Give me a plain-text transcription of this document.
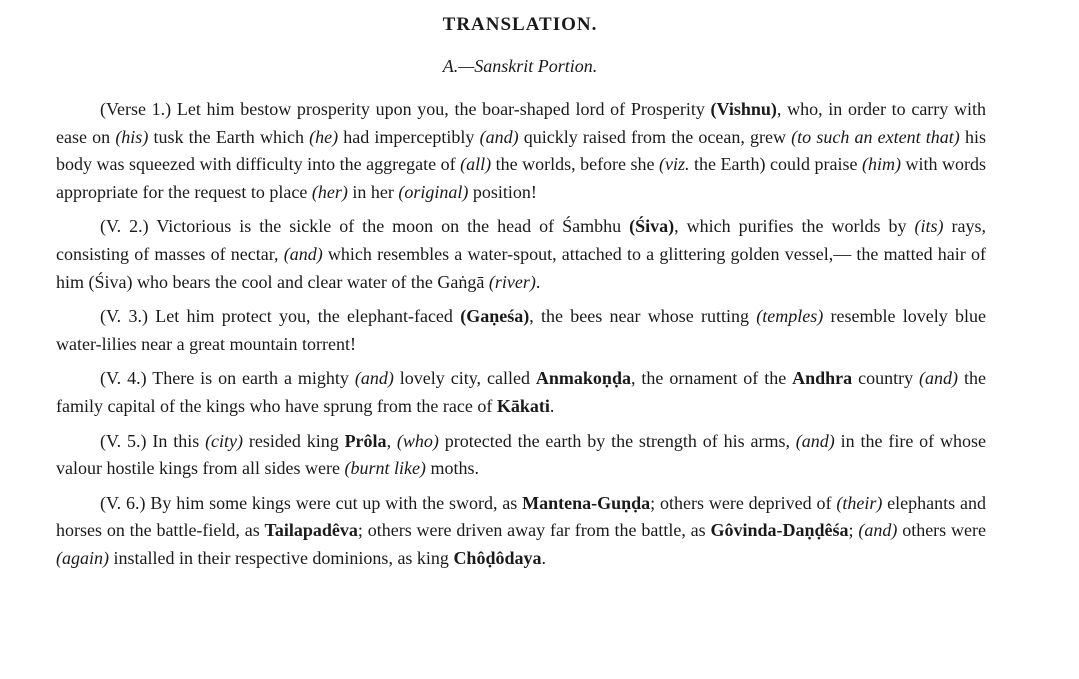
TRANSLATION.
A.—Sanskrit Portion.

(Verse 1.) Let him bestow prosperity upon you, the boar-shaped lord of Prosperity (Vishnu), who, in order to carry with ease on (his) tusk the Earth which (he) had imperceptibly (and) quickly raised from the ocean, grew (to such an extent that) his body was squeezed with difficulty into the aggregate of (all) the worlds, before she (viz. the Earth) could praise (him) with words appropriate for the request to place (her) in her (original) position!

(V. 2.) Victorious is the sickle of the moon on the head of Śambhu (Śiva), which purifies the worlds by (its) rays, consisting of masses of nectar, (and) which resembles a water-spout, attached to a glittering golden vessel,— the matted hair of him (Śiva) who bears the cool and clear water of the Gaṅgā (river).

(V. 3.) Let him protect you, the elephant-faced (Gaṇeśa), the bees near whose rutting (temples) resemble lovely blue water-lilies near a great mountain torrent!

(V. 4.) There is on earth a mighty (and) lovely city, called Anmakoṇḍa, the ornament of the Andhra country (and) the family capital of the kings who have sprung from the race of Kākati.

(V. 5.) In this (city) resided king Prôla, (who) protected the earth by the strength of his arms, (and) in the fire of whose valour hostile kings from all sides were (burnt like) moths.

(V. 6.) By him some kings were cut up with the sword, as Mantena-Guṇḍa; others were deprived of (their) elephants and horses on the battle-field, as Tailapadêva; others were driven away far from the battle, as Gôvinda-Daṇḍêśa; (and) others were (again) installed in their respective dominions, as king Chôḍôdaya.
